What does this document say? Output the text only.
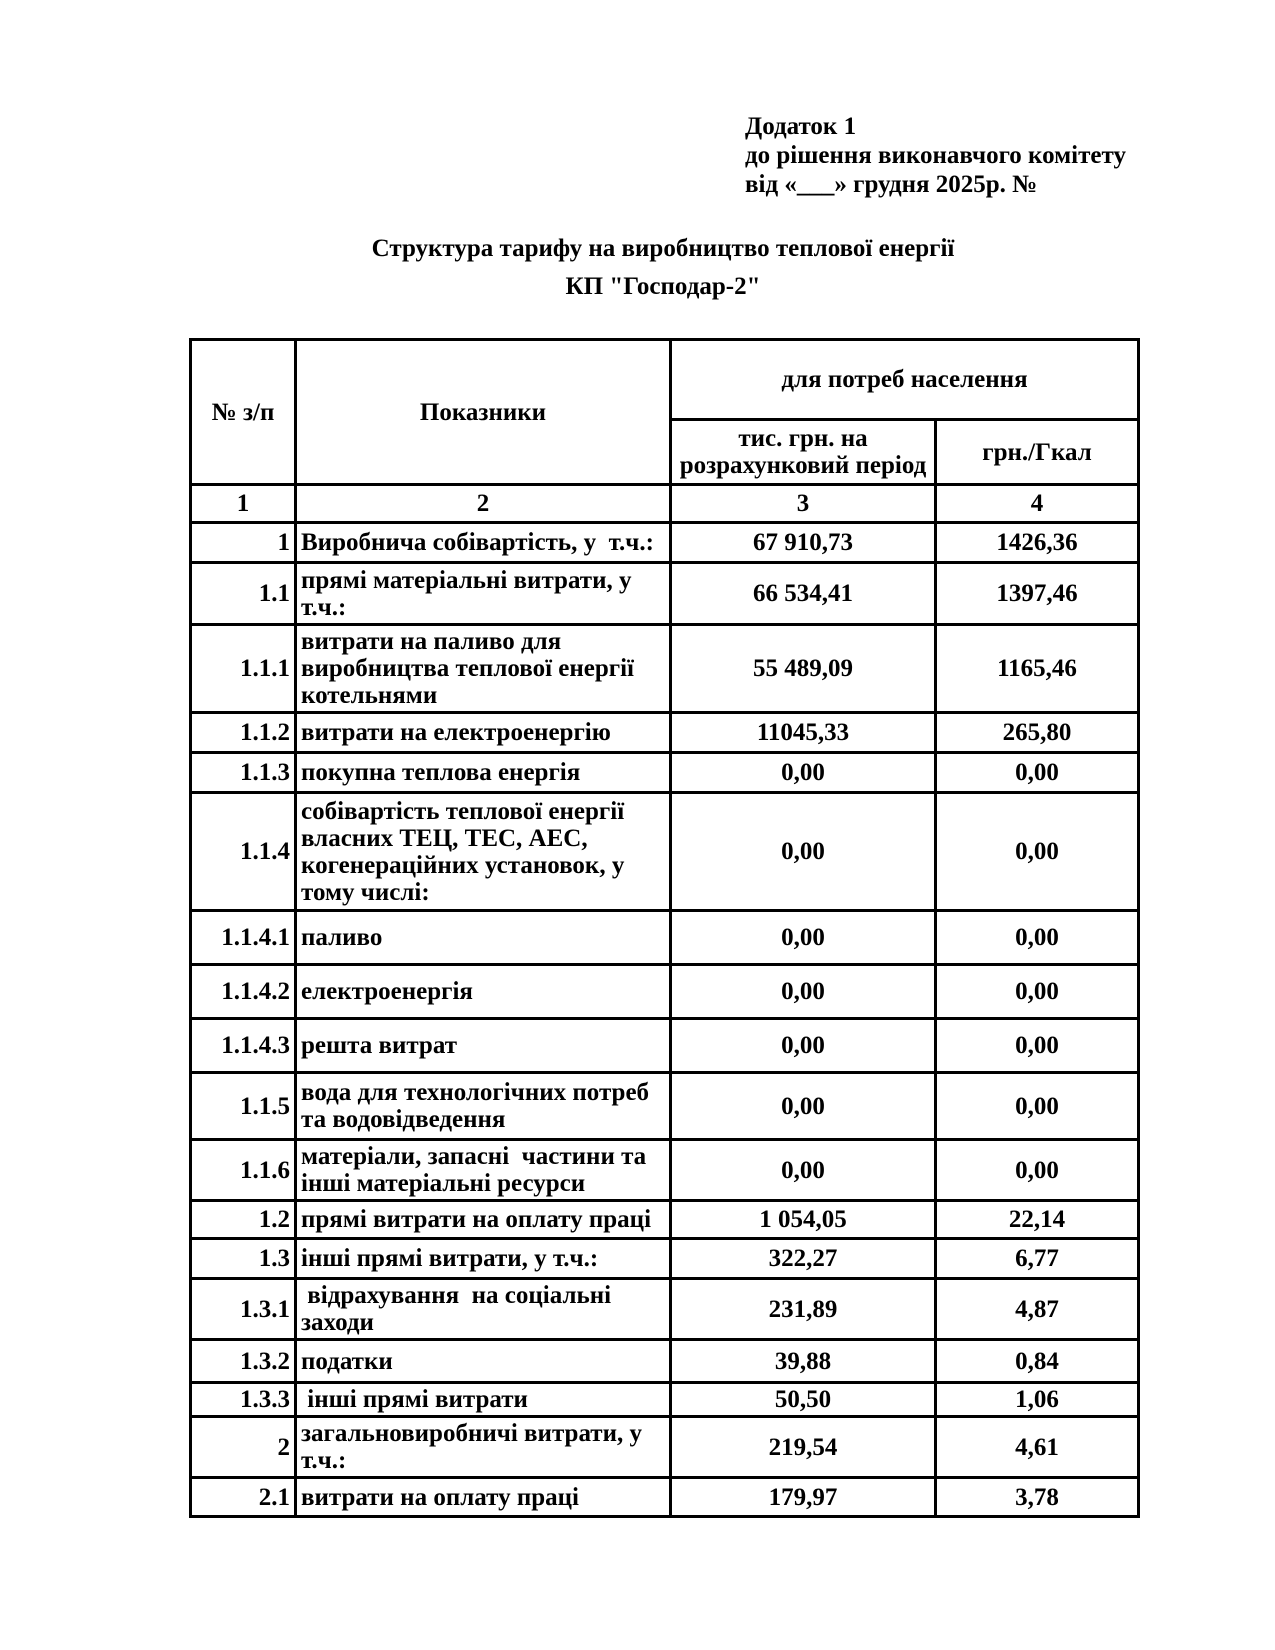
Додаток 1
до рішення виконавчого комітету
від «___» грудня 2025р. №
Структура тарифу на виробництво теплової енергії
КП "Господар-2"
№ з/п	Показники	для потреб населення	
		тис. грн. на розрахунковий період	грн./Гкал
1	2	3	4
1	Виробнича собівартість, у  т.ч.:	67 910,73	1426,36
1.1	прямі матеріальні витрати, у т.ч.:	66 534,41	1397,46
1.1.1	витрати на паливо для виробництва теплової енергії котельнями	55 489,09	1165,46
1.1.2	витрати на електроенергію	11045,33	265,80
1.1.3	покупна теплова енергія	0,00	0,00
1.1.4	собівартість теплової енергії власних ТЕЦ, ТЕС, АЕС, когенераційних установок, у тому числі:	0,00	0,00
1.1.4.1	паливо	0,00	0,00
1.1.4.2	електроенергія	0,00	0,00
1.1.4.3	решта витрат	0,00	0,00
1.1.5	вода для технологічних потреб та водовідведення	0,00	0,00
1.1.6	матеріали, запасні  частини та інші матеріальні ресурси	0,00	0,00
1.2	прямі витрати на оплату праці	1 054,05	22,14
1.3	інші прямі витрати, у т.ч.:	322,27	6,77
1.3.1	відрахування  на соціальні заходи	231,89	4,87
1.3.2	податки	39,88	0,84
1.3.3	інші прямі витрати	50,50	1,06
2	загальновиробничі витрати, у т.ч.:	219,54	4,61
2.1	витрати на оплату праці	179,97	3,78
